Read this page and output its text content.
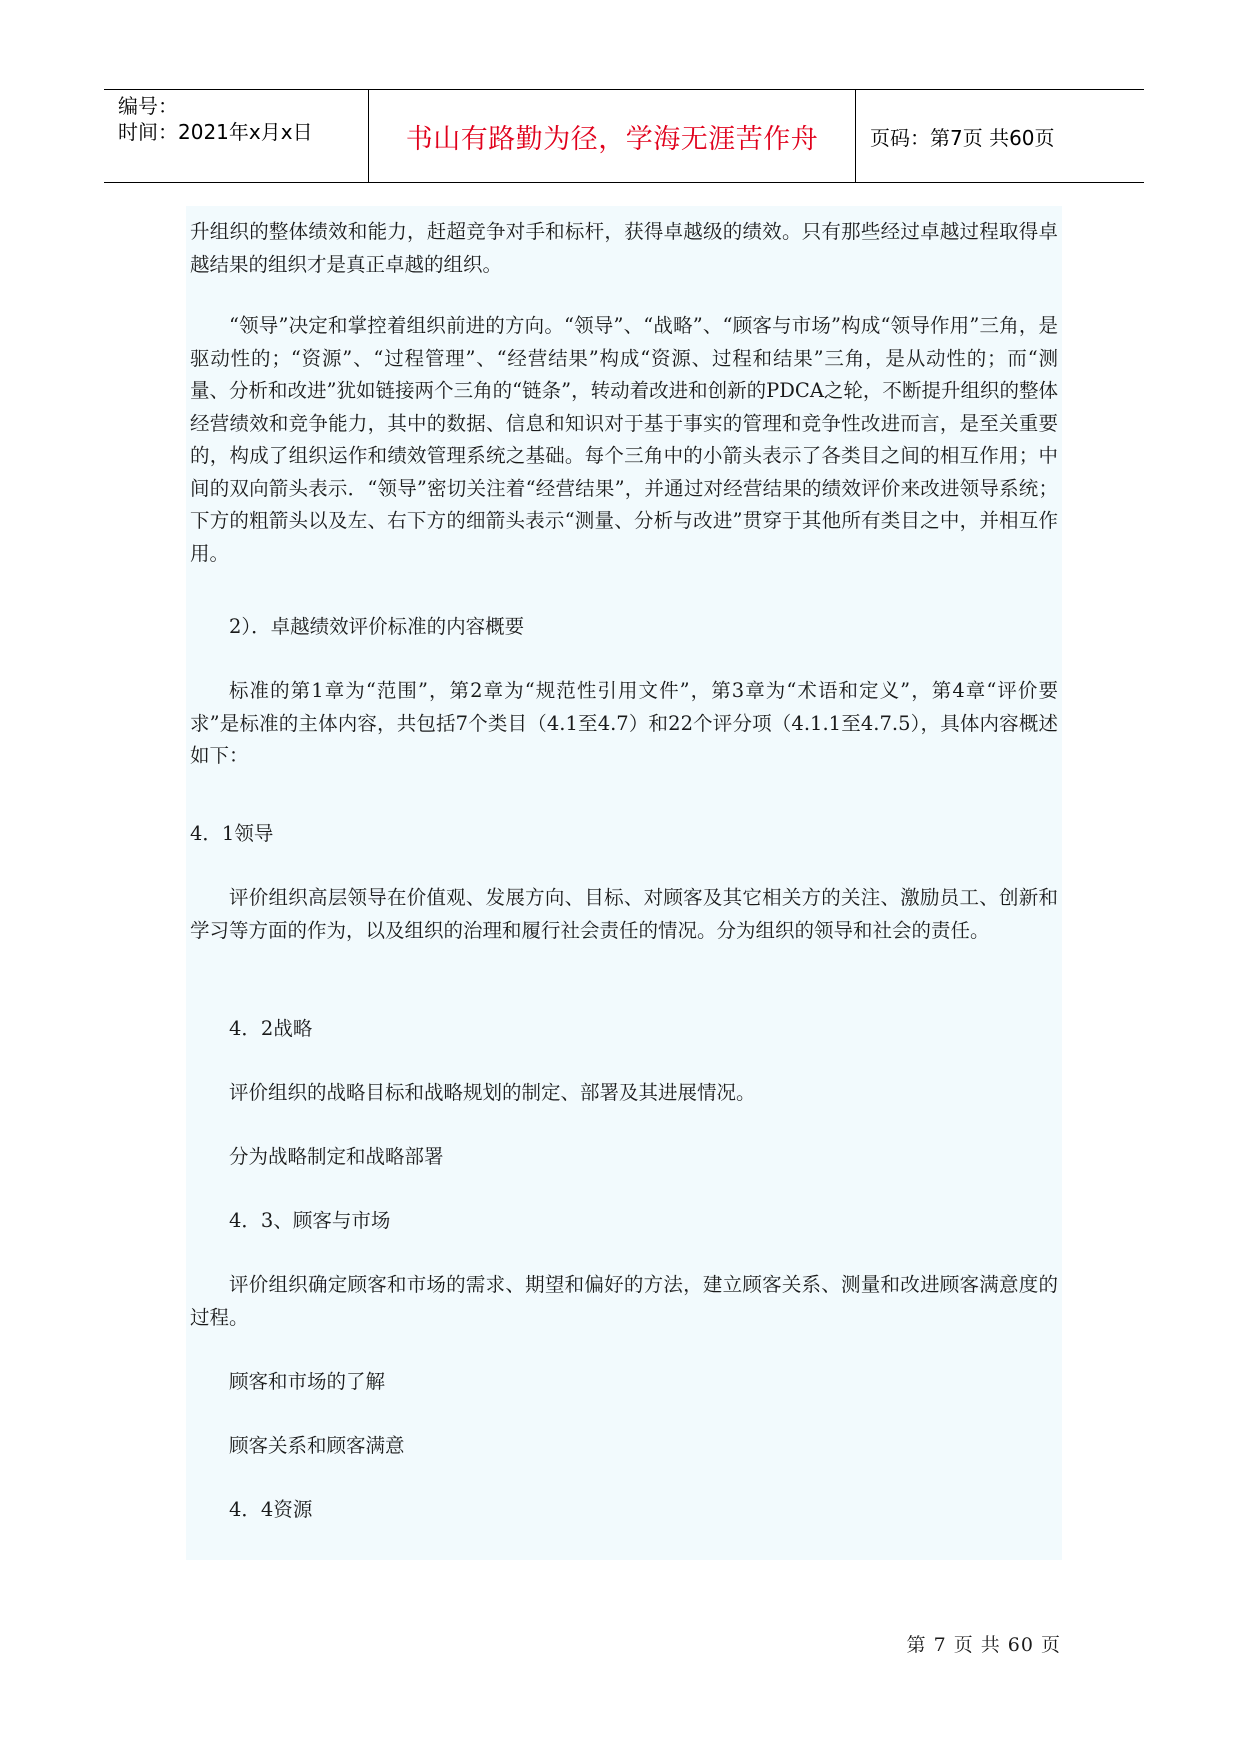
编号：
时间：2021年x月x日	书山有路勤为径，学海无涯苦作舟	页码：第7页 共60页

升组织的整体绩效和能力，赶超竞争对手和标杆，获得卓越级的绩效。只有那些经过卓越过程取得卓越结果的组织才是真正卓越的组织。

“领导”决定和掌控着组织前进的方向。“领导”、“战略”、“顾客与市场”构成“领导作用”三角，是驱动性的；“资源”、“过程管理”、“经营结果”构成“资源、过程和结果”三角，是从动性的；而“测量、分析和改进”犹如链接两个三角的“链条”，转动着改进和创新的PDCA之轮，不断提升组织的整体经营绩效和竞争能力，其中的数据、信息和知识对于基于事实的管理和竞争性改进而言，是至关重要的，构成了组织运作和绩效管理系统之基础。每个三角中的小箭头表示了各类目之间的相互作用；中间的双向箭头表示．“领导”密切关注着“经营结果”，并通过对经营结果的绩效评价来改进领导系统；下方的粗箭头以及左、右下方的细箭头表示“测量、分析与改进”贯穿于其他所有类目之中，并相互作用。

2）．卓越绩效评价标准的内容概要

标准的第1章为“范围”，第2章为“规范性引用文件”，第3章为“术语和定义”，第4章“评价要求”是标准的主体内容，共包括7个类目（4.1至4.7）和22个评分项（4.1.1至4.7.5），具体内容概述如下：

4．1领导

评价组织高层领导在价值观、发展方向、目标、对顾客及其它相关方的关注、激励员工、创新和学习等方面的作为，以及组织的治理和履行社会责任的情况。分为组织的领导和社会的责任。

4．2战略

评价组织的战略目标和战略规划的制定、部署及其进展情况。

分为战略制定和战略部署

4．3、顾客与市场

评价组织确定顾客和市场的需求、期望和偏好的方法，建立顾客关系、测量和改进顾客满意度的过程。

顾客和市场的了解

顾客关系和顾客满意

4．4资源

第 7 页 共 60 页
